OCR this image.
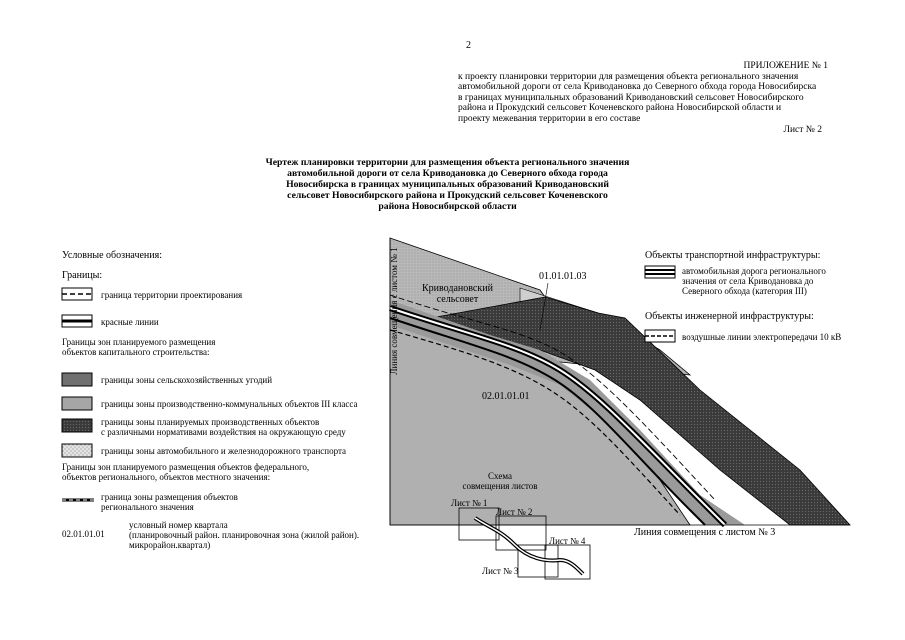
2
ПРИЛОЖЕНИЕ № 1
к проекту планировки территории для размещения объекта регионального значения
автомобильной дороги от села Криводановка до Северного обхода города Новосибирска
в границах муниципальных образований Криводановский сельсовет Новосибирского
района и Прокудский сельсовет Коченевского района Новосибирской области и
проекту межевания территории в его составе
Лист № 2
Чертеж планировки территории для размещения объекта регионального значения
автомобильной дороги от села Криводановка до Северного обхода города
Новосибирска в границах муниципальных образований Криводановский
сельсовет Новосибирского района и Прокудский сельсовет Коченевского
района Новосибирской области
Линия совмещения с листом № 1
Линия совмещения с листом № 3
Криводановский
сельсовет
01.01.01.03
02.01.01.01
Условные обозначения:
Границы:
граница территории проектирования
красные линии
Границы зон планируемого размещения
объектов капитального строительства:
границы зоны сельскохозяйственных угодий
границы зоны производственно-коммунальных объектов III класса
границы зоны планируемых производственных объектов
с различными нормативами воздействия на окружающую среду
границы зоны автомобильного и железнодорожного транспорта
Границы зон планируемого размещения объектов федерального,
объектов регионального, объектов местного значения:
граница зоны размещения объектов
регионального значения
02.01.01.01
условный номер квартала
(планировочный район. планировочная зона (жилой район).
микрорайон.квартал)
Схема
совмещения листов
Лист № 1
Лист № 2
Лист № 4
Лист № 3
Объекты транспортной инфраструктуры:
автомобильная дорога регионального
значения от села Криводановка до
Северного обхода (категория III)
Объекты инженерной инфраструктуры:
воздушные линии электропередачи 10 кВ
